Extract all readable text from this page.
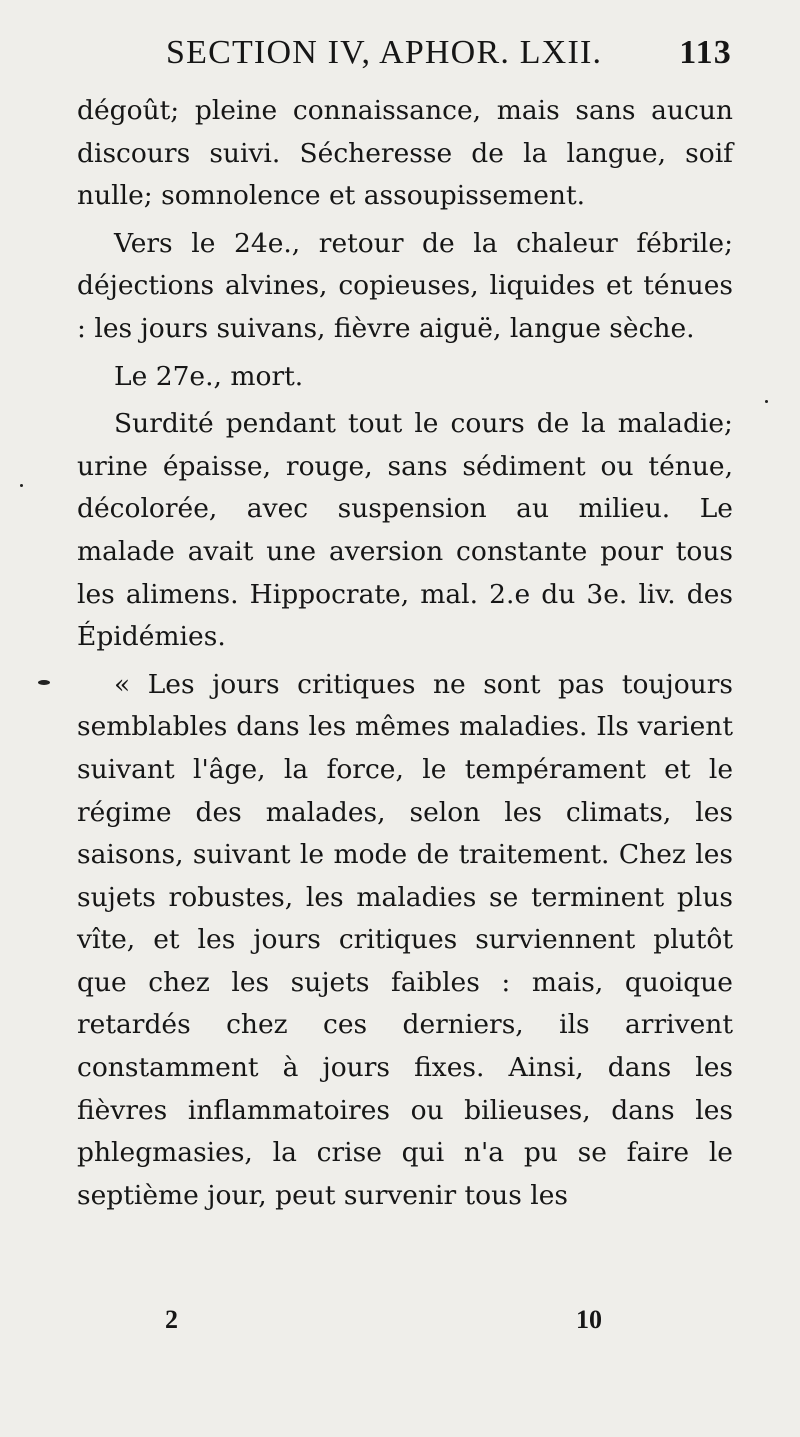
SECTION IV, APHOR. LXII. 113

dégoût; pleine connaissance, mais sans aucun discours suivi. Sécheresse de la langue, soif nulle; somnolence et assoupissement.

Vers le 24e., retour de la chaleur fébrile; déjections alvines, copieuses, liquides et ténues : les jours suivans, fièvre aiguë, langue sèche.

Le 27e., mort.

Surdité pendant tout le cours de la maladie; urine épaisse, rouge, sans sédiment ou ténue, décolorée, avec suspension au milieu. Le malade avait une aversion constante pour tous les alimens. Hippocrate, mal. 2.e du 3e. liv. des Épidémies.

« Les jours critiques ne sont pas toujours semblables dans les mêmes maladies. Ils varient suivant l'âge, la force, le tempérament et le régime des malades, selon les climats, les saisons, suivant le mode de traitement. Chez les sujets robustes, les maladies se terminent plus vîte, et les jours critiques surviennent plutôt que chez les sujets faibles : mais, quoique retardés chez ces derniers, ils arrivent constamment à jours fixes. Ainsi, dans les fièvres inflammatoires ou bilieuses, dans les phlegmasies, la crise qui n'a pu se faire le septième jour, peut survenir tous les

2	10
